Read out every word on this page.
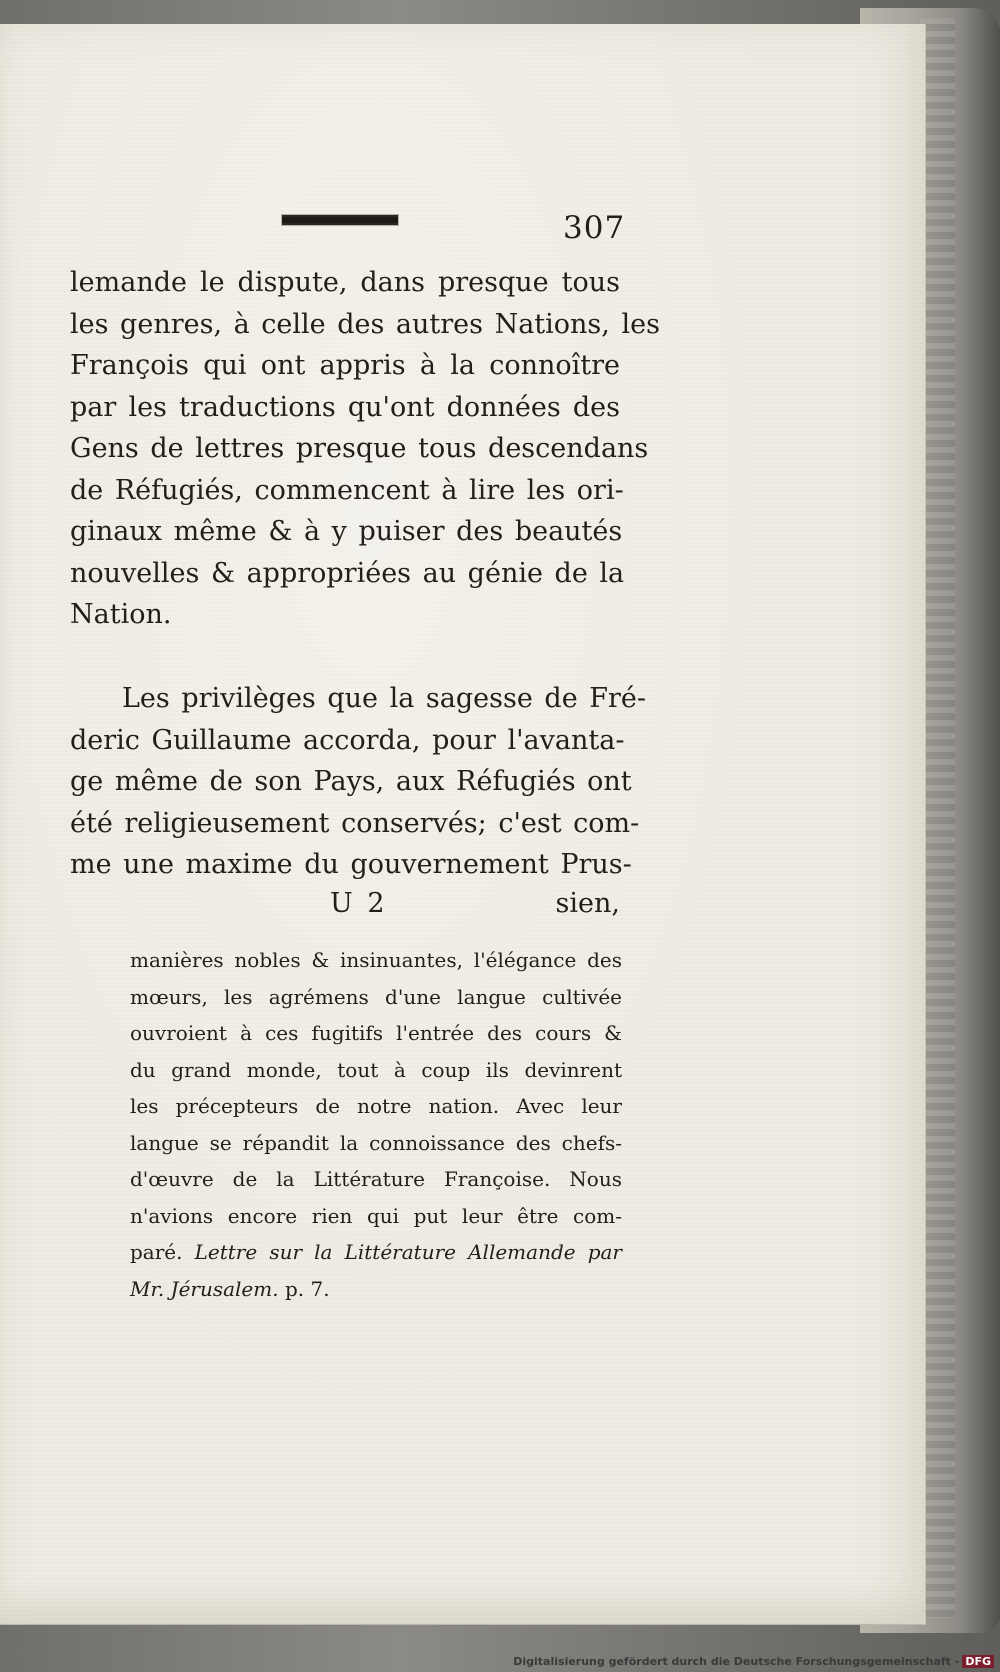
307
lemande le dispute, dans presque tous
les genres, à celle des autres Nations, les
François qui ont appris à la connoître
par les traductions qu'ont données des
Gens de lettres presque tous descendans
de Réfugiés, commencent à lire les ori-
ginaux même & à y puiser des beautés
nouvelles & appropriées au génie de la
Nation.
Les privilèges que la sagesse de Fré-
deric Guillaume accorda, pour l'avanta-
ge même de son Pays, aux Réfugiés ont
été religieusement conservés; c'est com-
me une maxime du gouvernement Prus-
U 2	sien,
manières nobles & insinuantes, l'élégance des
mœurs, les agrémens d'une langue cultivée
ouvroient à ces fugitifs l'entrée des cours &
du grand monde, tout à coup ils devinrent
les précepteurs de notre nation. Avec leur
langue se répandit la connoissance des chefs-
d'œuvre de la Littérature Françoise. Nous
n'avions encore rien qui put leur être com-
paré. Lettre sur la Littérature Allemande par
Mr. Jérusalem. p. 7.
Digitalisierung gefördert durch die Deutsche Forschungsgemeinschaft - DFG
